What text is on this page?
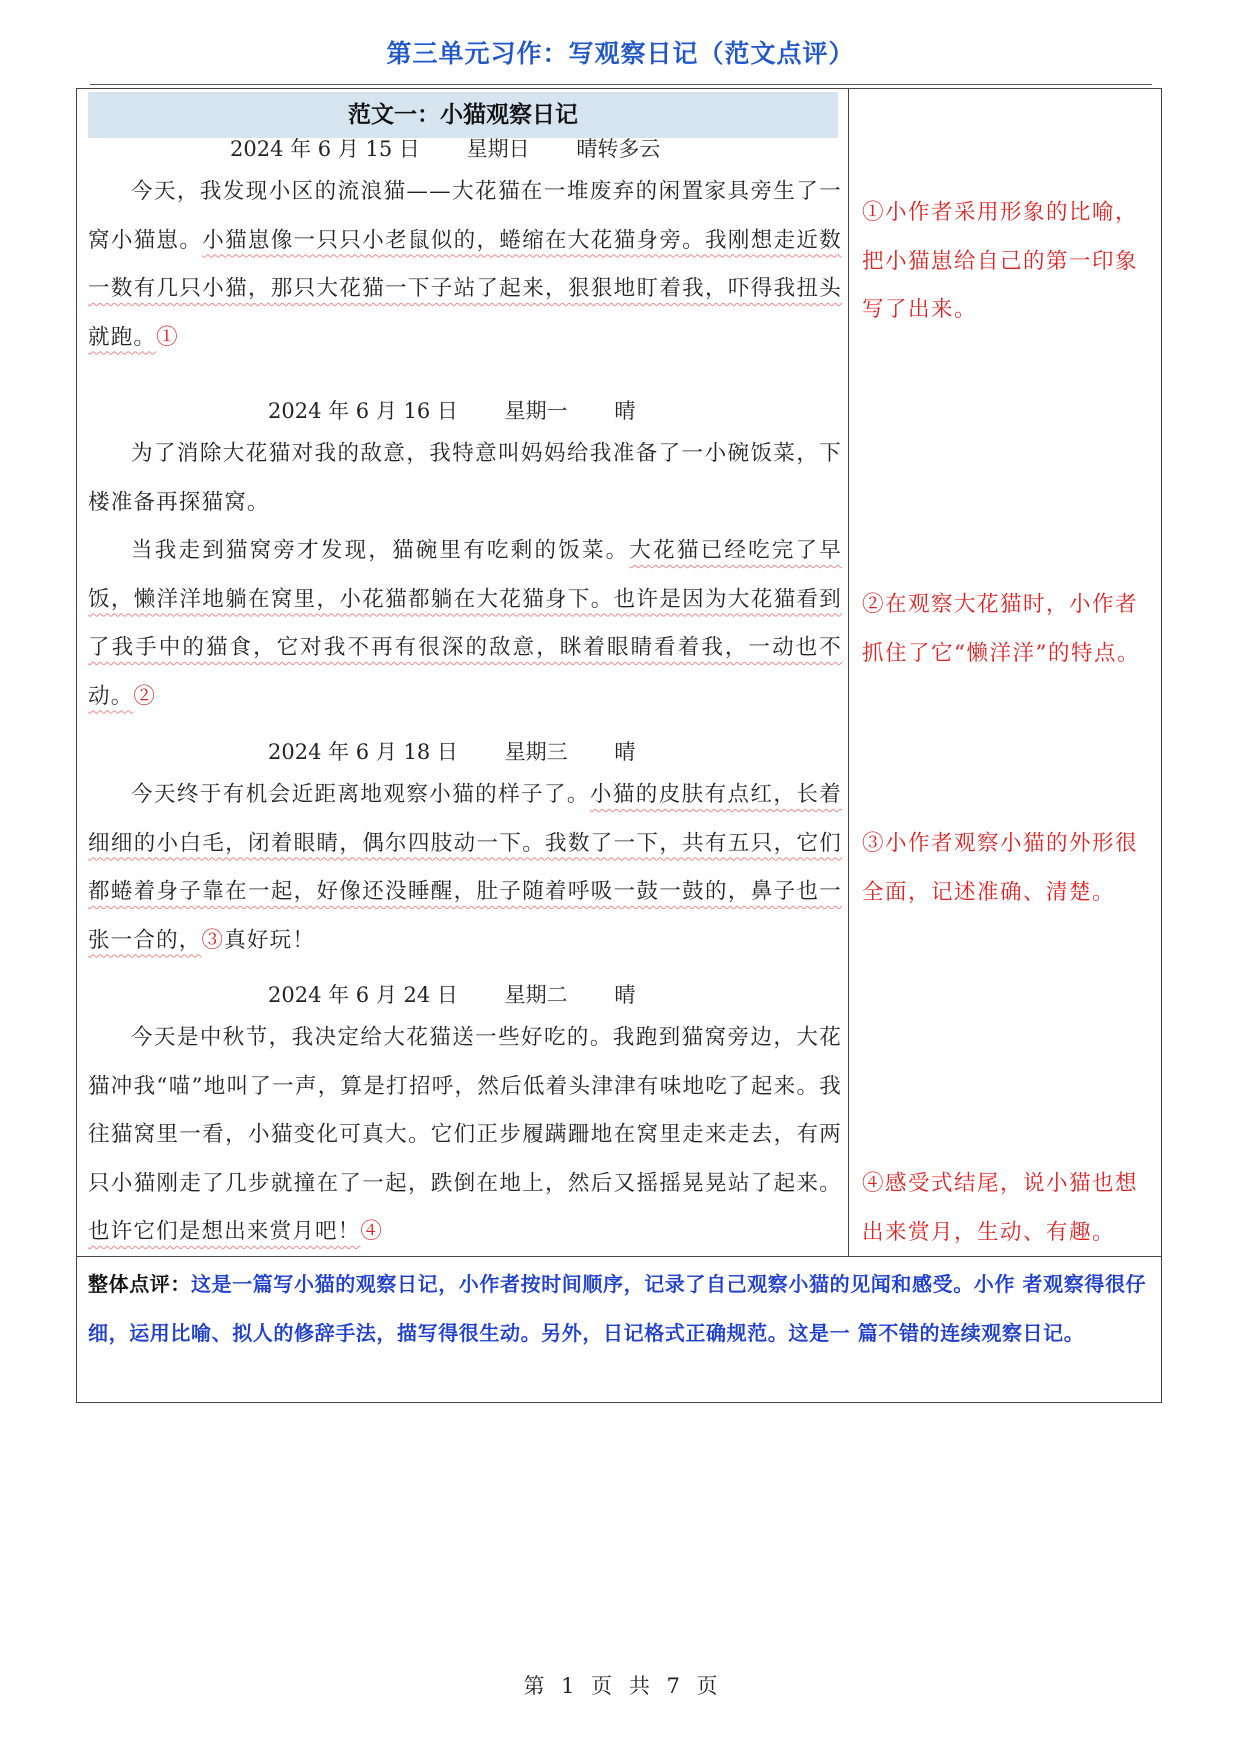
第三单元习作：写观察日记（范文点评）
范文一：小猫观察日记
2024 年 6 月 15 日       星期日       晴转多云
今天，我发现小区的流浪猫——大花猫在一堆废弃的闲置家具旁生了一窝小猫崽。小猫崽像一只只小老鼠似的，蜷缩在大花猫身旁。我刚想走近数一数有几只小猫，那只大花猫一下子站了起来，狠狠地盯着我，吓得我扭头就跑。①
2024 年 6 月 16 日       星期一       晴
为了消除大花猫对我的敌意，我特意叫妈妈给我准备了一小碗饭菜，下楼准备再探猫窝。
当我走到猫窝旁才发现，猫碗里有吃剩的饭菜。大花猫已经吃完了早饭，懒洋洋地躺在窝里，小花猫都躺在大花猫身下。也许是因为大花猫看到了我手中的猫食，它对我不再有很深的敌意，眯着眼睛看着我，一动也不动。②
2024 年 6 月 18 日       星期三       晴
今天终于有机会近距离地观察小猫的样子了。小猫的皮肤有点红，长着细细的小白毛，闭着眼睛，偶尔四肢动一下。我数了一下，共有五只，它们都蜷着身子靠在一起，好像还没睡醒，肚子随着呼吸一鼓一鼓的，鼻子也一张一合的，③真好玩！
2024 年 6 月 24 日       星期二       晴
今天是中秋节，我决定给大花猫送一些好吃的。我跑到猫窝旁边，大花猫冲我“喵”地叫了一声，算是打招呼，然后低着头津津有味地吃了起来。我往猫窝里一看，小猫变化可真大。它们正步履蹒跚地在窝里走来走去，有两只小猫刚走了几步就撞在了一起，跌倒在地上，然后又摇摇晃晃站了起来。也许它们是想出来赏月吧！④
①小作者采用形象的比喻，把小猫崽给自己的第一印象写了出来。
②在观察大花猫时，小作者抓住了它“懒洋洋”的特点。
③小作者观察小猫的外形很全面，记述准确、清楚。
④感受式结尾，说小猫也想出来赏月，生动、有趣。
整体点评：这是一篇写小猫的观察日记，小作者按时间顺序，记录了自己观察小猫的见闻和感受。小作 者观察得很仔细，运用比喻、拟人的修辞手法，描写得很生动。另外，日记格式正确规范。这是一 篇不错的连续观察日记。
第 1 页 共 7 页
